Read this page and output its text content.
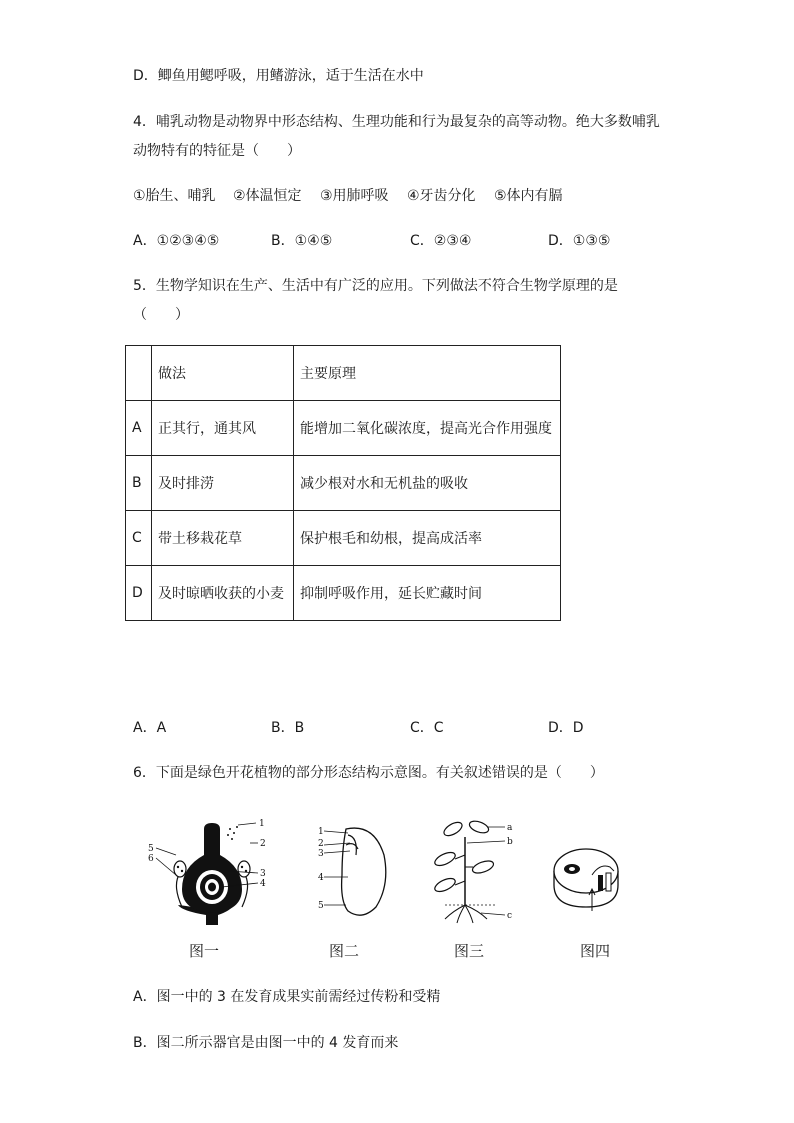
D．鲫鱼用鳃呼吸，用鳍游泳，适于生活在水中
4．哺乳动物是动物界中形态结构、生理功能和行为最复杂的高等动物。绝大多数哺乳
动物特有的特征是（　　）
①胎生、哺乳 ②体温恒定 ③用肺呼吸 ④牙齿分化 ⑤体内有膈
A．①②③④⑤	B．①④⑤	C．②③④	D．①③⑤
5．生物学知识在生产、生活中有广泛的应用。下列做法不符合生物学原理的是
（　　）
	做法	主要原理
A	正其行，通其风	能增加二氧化碳浓度，提高光合作用强度
B	及时排涝	减少根对水和无机盐的吸收
C	带土移栽花草	保护根毛和幼根，提高成活率
D	及时晾晒收获的小麦	抑制呼吸作用，延长贮藏时间
A．A	B．B	C．C	D．D
6．下面是绿色开花植物的部分形态结构示意图。有关叙述错误的是（　　）
1
2
3
4
5
6
图一
1
2
3
4
5
图二
a
b
c
图三	图四
A．图一中的 3 在发育成果实前需经过传粉和受精
B．图二所示器官是由图一中的 4 发育而来
